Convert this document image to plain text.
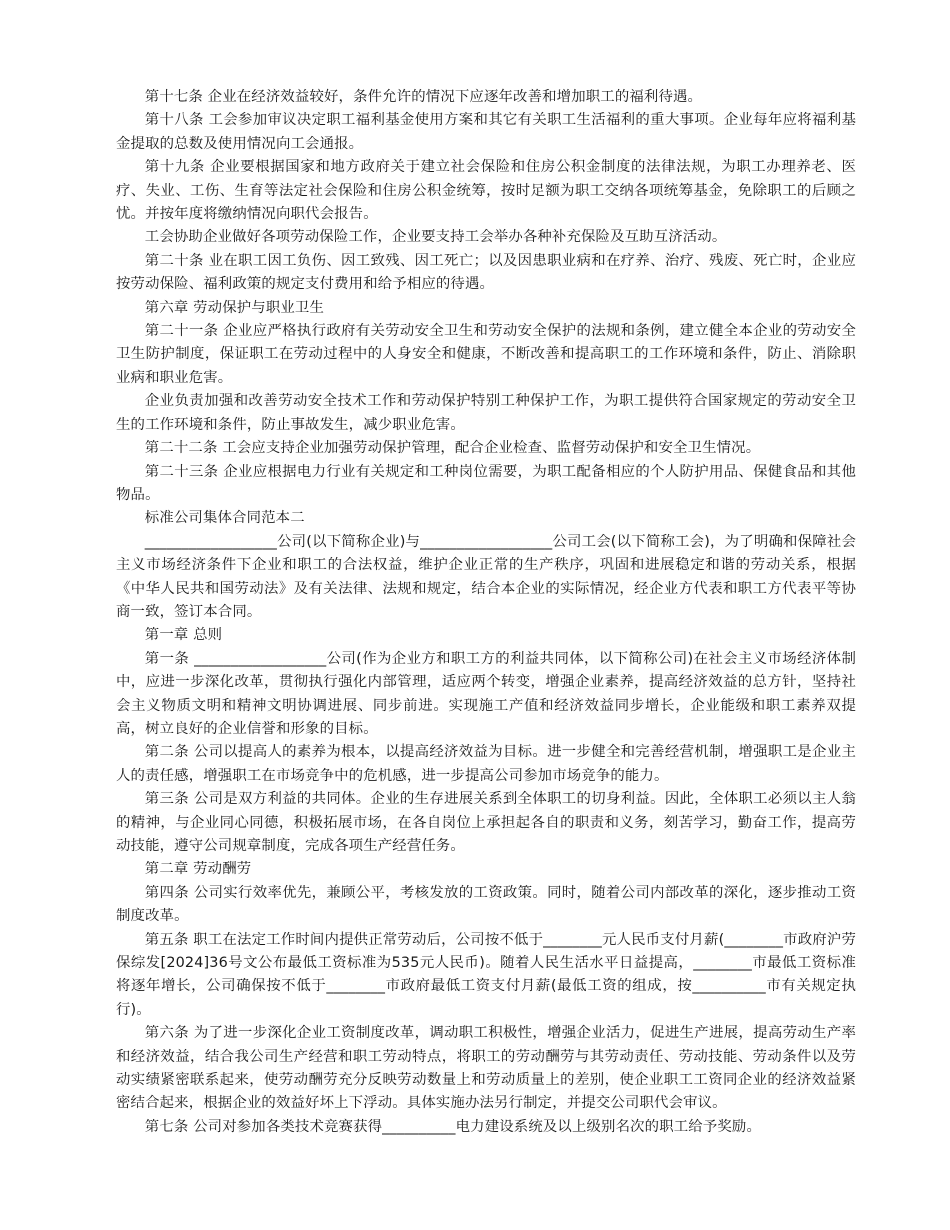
第十七条 企业在经济效益较好，条件允许的情况下应逐年改善和增加职工的福利待遇。

第十八条 工会参加审议决定职工福利基金使用方案和其它有关职工生活福利的重大事项。企业每年应将福利基金提取的总数及使用情况向工会通报。

第十九条 企业要根据国家和地方政府关于建立社会保险和住房公积金制度的法律法规，为职工办理养老、医疗、失业、工伤、生育等法定社会保险和住房公积金统筹，按时足额为职工交纳各项统筹基金，免除职工的后顾之忧。并按年度将缴纳情况向职代会报告。

工会协助企业做好各项劳动保险工作，企业要支持工会举办各种补充保险及互助互济活动。

第二十条 业在职工因工负伤、因工致残、因工死亡；以及因患职业病和在疗养、治疗、残废、死亡时，企业应按劳动保险、福利政策的规定支付费用和给予相应的待遇。

第六章 劳动保护与职业卫生

第二十一条 企业应严格执行政府有关劳动安全卫生和劳动安全保护的法规和条例，建立健全本企业的劳动安全卫生防护制度，保证职工在劳动过程中的人身安全和健康，不断改善和提高职工的工作环境和条件，防止、消除职业病和职业危害。

企业负责加强和改善劳动安全技术工作和劳动保护特别工种保护工作，为职工提供符合国家规定的劳动安全卫生的工作环境和条件，防止事故发生，减少职业危害。

第二十二条 工会应支持企业加强劳动保护管理，配合企业检查、监督劳动保护和安全卫生情况。

第二十三条 企业应根据电力行业有关规定和工种岗位需要，为职工配备相应的个人防护用品、保健食品和其他物品。

标准公司集体合同范本二

__________________公司(以下简称企业)与__________________公司工会(以下简称工会)，为了明确和保障社会主义市场经济条件下企业和职工的合法权益，维护企业正常的生产秩序，巩固和进展稳定和谐的劳动关系，根据《中华人民共和国劳动法》及有关法律、法规和规定，结合本企业的实际情况，经企业方代表和职工方代表平等协商一致，签订本合同。

第一章 总则

第一条 __________________公司(作为企业方和职工方的利益共同体，以下简称公司)在社会主义市场经济体制中，应进一步深化改革，贯彻执行强化内部管理，适应两个转变，增强企业素养，提高经济效益的总方针，坚持社会主义物质文明和精神文明协调进展、同步前进。实现施工产值和经济效益同步增长，企业能级和职工素养双提高，树立良好的企业信誉和形象的目标。

第二条 公司以提高人的素养为根本，以提高经济效益为目标。进一步健全和完善经营机制，增强职工是企业主人的责任感，增强职工在市场竞争中的危机感，进一步提高公司参加市场竞争的能力。

第三条 公司是双方利益的共同体。企业的生存进展关系到全体职工的切身利益。因此，全体职工必须以主人翁的精神，与企业同心同德，积极拓展市场，在各自岗位上承担起各自的职责和义务，刻苦学习，勤奋工作，提高劳动技能，遵守公司规章制度，完成各项生产经营任务。

第二章 劳动酬劳

第四条 公司实行效率优先，兼顾公平，考核发放的工资政策。同时，随着公司内部改革的深化，逐步推动工资制度改革。

第五条 职工在法定工作时间内提供正常劳动后，公司按不低于________元人民币支付月薪(________市政府沪劳保综发[2024]36号文公布最低工资标准为535元人民币)。随着人民生活水平日益提高，________市最低工资标准将逐年增长，公司确保按不低于________市政府最低工资支付月薪(最低工资的组成，按__________市有关规定执行)。

第六条 为了进一步深化企业工资制度改革，调动职工积极性，增强企业活力，促进生产进展，提高劳动生产率和经济效益，结合我公司生产经营和职工劳动特点，将职工的劳动酬劳与其劳动责任、劳动技能、劳动条件以及劳动实绩紧密联系起来，使劳动酬劳充分反映劳动数量上和劳动质量上的差别，使企业职工工资同企业的经济效益紧密结合起来，根据企业的效益好坏上下浮动。具体实施办法另行制定，并提交公司职代会审议。

第七条 公司对参加各类技术竞赛获得__________电力建设系统及以上级别名次的职工给予奖励。
